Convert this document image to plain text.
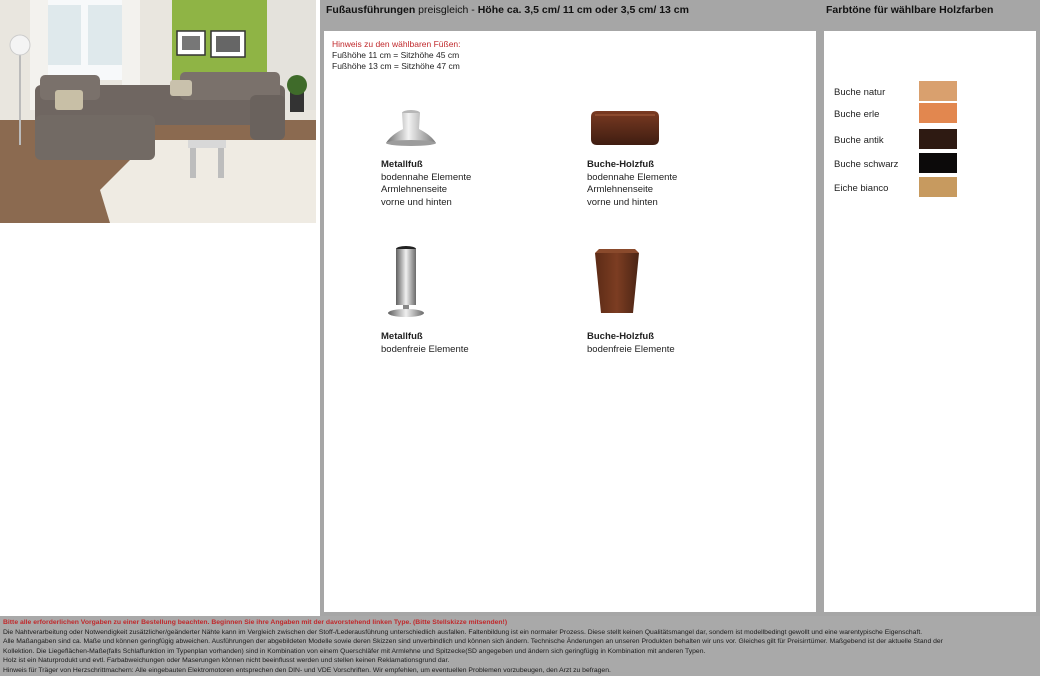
Fußausführungen preisgleich - Höhe ca. 3,5 cm/ 11 cm oder 3,5 cm/ 13 cm
Hinweis zu den wählbaren Füßen:
Fußhöhe 11 cm = Sitzhöhe 45 cm
Fußhöhe 13 cm = Sitzhöhe 47 cm
Metallfuß
bodennahe Elemente
Armlehnenseite
vorne und hinten
Buche-Holzfuß
bodennahe Elemente
Armlehnenseite
vorne und hinten
Metallfuß
bodenfreie Elemente
Buche-Holzfuß
bodenfreie Elemente
Farbtöne für wählbare Holzfarben
Buche natur
Buche erle
Buche antik
Buche schwarz
Eiche bianco
Bitte alle erforderlichen Vorgaben zu einer Bestellung beachten. Beginnen Sie ihre Angaben mit der davorstehend linken Type. (Bitte Stellskizze mitsenden!)
Die Nahtverarbeitung oder Notwendigkeit zusätzlicher/geänderter Nähte kann im Vergleich zwischen der Stoff-/Lederausführung unterschiedlich ausfallen. Faltenbildung ist ein normaler Prozess. Diese stellt keinen Qualitätsmangel dar, sondern ist modellbedingt gewollt und eine warentypische Eigenschaft.
Alle Maßangaben sind ca. Maße und können geringfügig abweichen. Ausführungen der abgebildeten Modelle sowie deren Skizzen sind unverbindlich und können sich ändern. Technische Änderungen an unseren Produkten behalten wir uns vor. Gleiches gilt für Preisirrtümer. Maßgebend ist der aktuelle Stand der
Kollektion. Die Liegeflächen-Maße(falls Schlaffunktion im Typenplan vorhanden) sind in Kombination von einem Querschläfer mit Armlehne und Spitzecke(SD angegeben und ändern sich geringfügig in Kombination mit anderen Typen.
Holz ist ein Naturprodukt und evtl. Farbabweichungen oder Maserungen können nicht beeinflusst werden und stellen keinen Reklamationsgrund dar.
Hinweis für Träger von Herzschrittmachern: Alle eingebauten Elektromotoren entsprechen den DIN- und VDE Vorschriften. Wir empfehlen, um eventuellen Problemen vorzubeugen, den Arzt zu befragen.
